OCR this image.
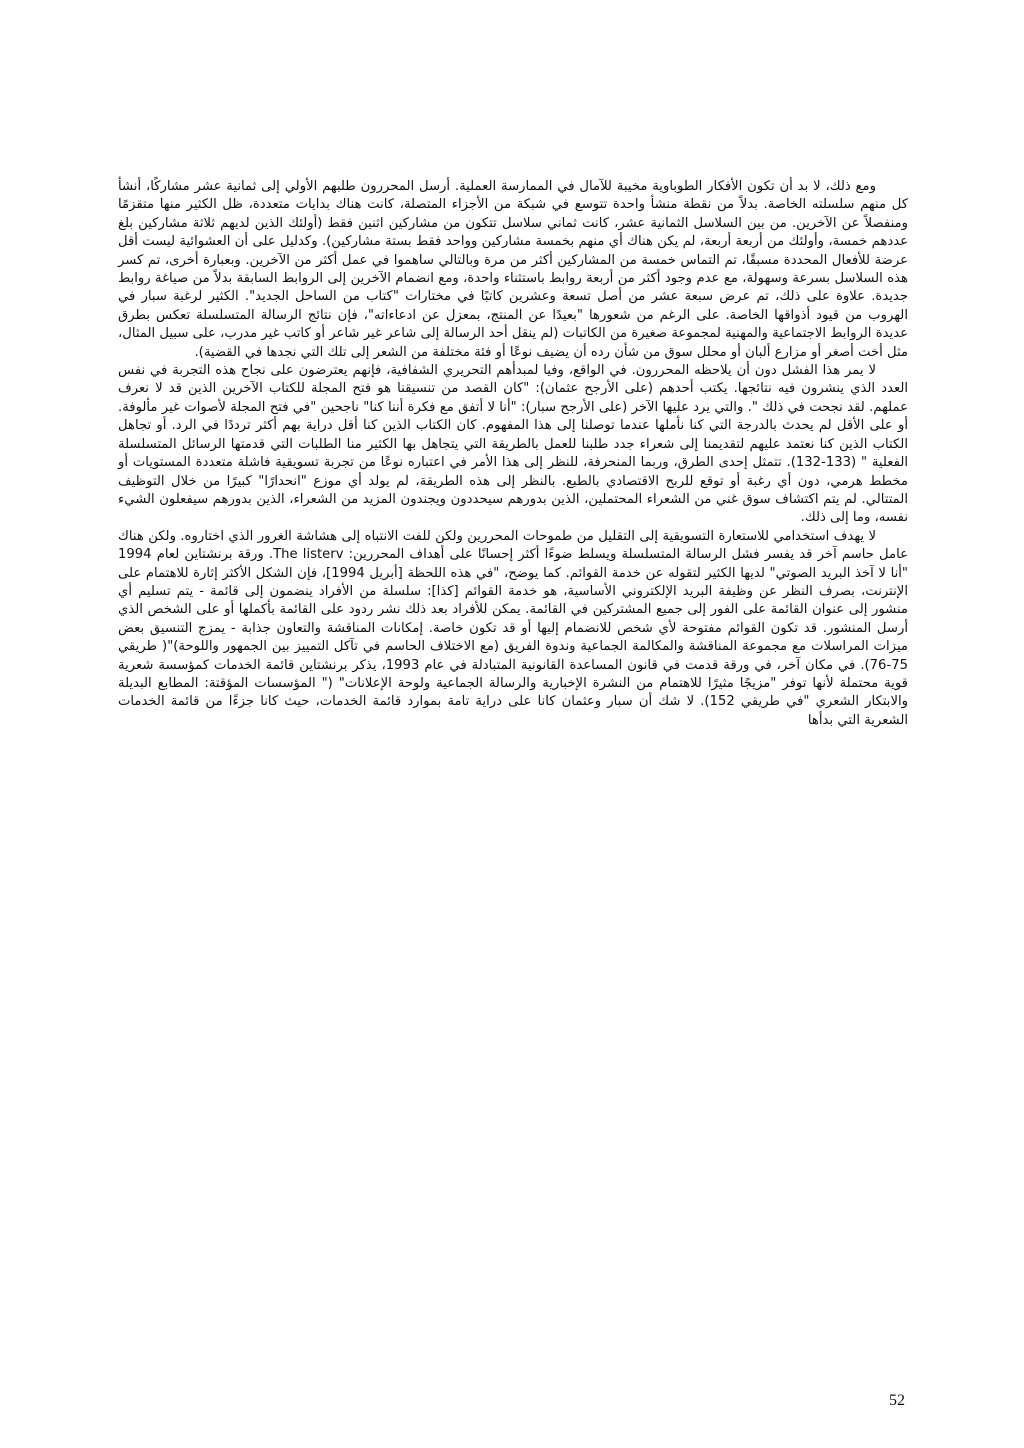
ومع ذلك، لا بد أن تكون الأفكار الطوباوية مخيبة للآمال في الممارسة العملية. أرسل المحررون طلبهم الأولي إلى ثمانية عشر مشاركًا، أنشأ كل منهم سلسلته الخاصة. بدلاً من نقطة منشأ واحدة تتوسع في شبكة من الأجزاء المتصلة، كانت هناك بدايات متعددة، ظل الكثير منها متقزمًا ومنفصلاً عن الآخرين. من بين السلاسل الثمانية عشر، كانت ثماني سلاسل تتكون من مشاركين اثنين فقط (أولئك الذين لديهم ثلاثة مشاركين بلغ عددهم خمسة، وأولئك من أربعة أربعة، لم يكن هناك أي منهم بخمسة مشاركين وواحد فقط بستة مشاركين). وكدليل على أن العشوائية ليست أقل عرضة للأفعال المحددة مسبقًا، تم التماس خمسة من المشاركين أكثر من مرة وبالتالي ساهموا في عمل أكثر من الآخرين. وبعبارة أخرى، تم كسر هذه السلاسل بسرعة وسهولة، مع عدم وجود أكثر من أربعة روابط باستثناء واحدة، ومع انضمام الآخرين إلى الروابط السابقة بدلاً من صياغة روابط جديدة. علاوة على ذلك، تم عرض سبعة عشر من أصل تسعة وعشرين كاتبًا في مختارات "كتاب من الساحل الجديد". الكثير لرغبة سبار في الهروب من قيود أذواقها الخاصة. على الرغم من شعورها "بعيدًا عن المنتج، بمعزل عن ادعاءاته"، فإن نتائج الرسالة المتسلسلة تعكس بطرق عديدة الروابط الاجتماعية والمهنية لمجموعة صغيرة من الكاتبات (لم ينقل أحد الرسالة إلى شاعر غير شاعر أو كاتب غير مدرب، على سبيل المثال، مثل أخت أصغر أو مزارع ألبان أو محلل سوق من شأن رده أن يضيف نوعًا أو فئة مختلفة من الشعر إلى تلك التي نجدها في القضية).

لا يمر هذا الفشل دون أن يلاحظه المحررون. في الواقع، وفيا لمبدأهم التحريري الشفافية، فإنهم يعترضون على نجاح هذه التجربة في نفس العدد الذي ينشرون فيه نتائجها. يكتب أحدهم (على الأرجح عثمان): "كان القصد من تنسيقنا هو فتح المجلة للكتاب الآخرين الذين قد لا نعرف عملهم. لقد نجحت في ذلك ". والتي يرد عليها الآخر (على الأرجح سبار): "أنا لا أتفق مع فكرة أننا كنا" ناجحين "في فتح المجلة لأصوات غير مألوفة. أو على الأقل لم يحدث بالدرجة التي كنا نأملها عندما توصلنا إلى هذا المفهوم. كان الكتاب الذين كنا أقل دراية بهم أكثر ترددًا في الرد. أو تجاهل الكتاب الذين كنا نعتمد عليهم لتقديمنا إلى شعراء جدد طلبنا للعمل بالطريقة التي يتجاهل بها الكثير منا الطلبات التي قدمتها الرسائل المتسلسلة الفعلية " (133-132). تتمثل إحدى الطرق، وربما المنحرفة، للنظر إلى هذا الأمر في اعتباره نوعًا من تجربة تسويقية فاشلة متعددة المستويات أو مخطط هرمي، دون أي رغبة أو توقع للربح الاقتصادي بالطبع. بالنظر إلى هذه الطريقة، لم يولد أي موزع "انحدارًا" كبيرًا من خلال التوظيف المتتالي. لم يتم اكتشاف سوق غني من الشعراء المحتملين، الذين بدورهم سيحددون ويجندون المزيد من الشعراء، الذين بدورهم سيفعلون الشيء نفسه، وما إلى ذلك.

لا يهدف استخدامي للاستعارة التسويقية إلى التقليل من طموحات المحررين ولكن للفت الانتباه إلى هشاشة الغرور الذي اختاروه. ولكن هناك عامل حاسم آخر قد يفسر فشل الرسالة المتسلسلة ويسلط ضوءًا أكثر إحسانًا على أهداف المحررين: The listerv. ورقة برنشتاين لعام 1994 "أنا لا آخذ البريد الصوتي" لديها الكثير لتقوله عن خدمة القوائم. كما يوضح، "في هذه اللحظة [أبريل 1994]، فإن الشكل الأكثر إثارة للاهتمام على الإنترنت، بصرف النظر عن وظيفة البريد الإلكتروني الأساسية، هو خدمة القوائم [كذا]: سلسلة من الأفراد ينضمون إلى قائمة - يتم تسليم أي منشور إلى عنوان القائمة على الفور إلى جميع المشتركين في القائمة. يمكن للأفراد بعد ذلك نشر ردود على القائمة بأكملها أو على الشخص الذي أرسل المنشور. قد تكون القوائم مفتوحة لأي شخص للانضمام إليها أو قد تكون خاصة. إمكانات المناقشة والتعاون جذابة - يمزج التنسيق بعض ميزات المراسلات مع مجموعة المناقشة والمكالمة الجماعية وندوة الفريق (مع الاختلاف الحاسم في تآكل التمييز بين الجمهور واللوحة)"( طريقي 75-76). في مكان آخر، في ورقة قدمت في قانون المساعدة القانونية المتبادلة في عام 1993، يذكر برنشتاين قائمة الخدمات كمؤسسة شعرية قوية محتملة لأنها توفر "مزيجًا مثيرًا للاهتمام من النشرة الإخبارية والرسالة الجماعية ولوحة الإعلانات" (" المؤسسات المؤقتة: المطابع البديلة والابتكار الشعري "في طريقي 152). لا شك أن سبار وعثمان كانا على دراية تامة بموارد قائمة الخدمات، حيث كانا جزءًا من قائمة الخدمات الشعرية التي بدأها

52
